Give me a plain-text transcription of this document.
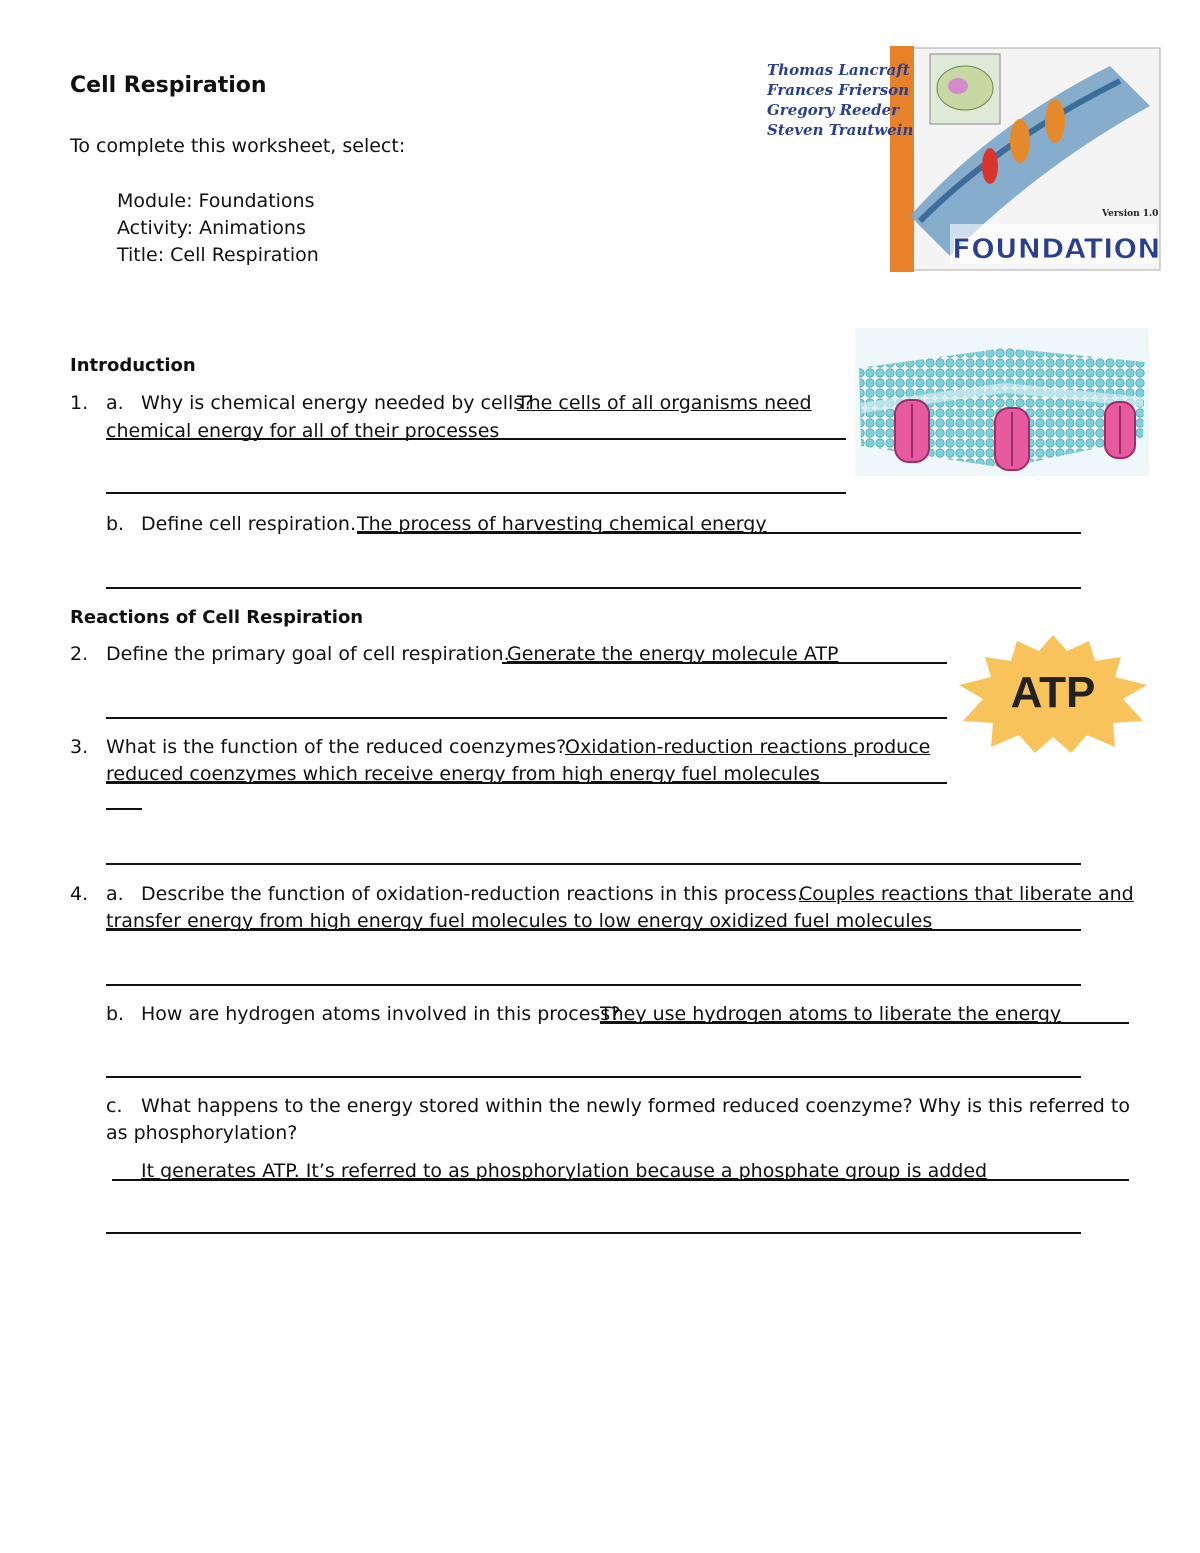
Cell Respiration
To complete this worksheet, select:
Module: Foundations
Activity: Animations
Title: Cell Respiration
Version 1.0
FOUNDATIONS
Thomas Lancraft
Frances Frierson
Gregory Reeder
Steven Trautwein
ATP
Introduction
1. a. Why is chemical energy needed by cells?
The cells of all organisms need
chemical energy for all of their processes
b. Define cell respiration. The process of harvesting chemical energy
Reactions of Cell Respiration
2. Define the primary goal of cell respiration.
Generate the energy molecule ATP
3. What is the function of the reduced coenzymes?
Oxidation-reduction reactions produce
reduced coenzymes which receive energy from high energy fuel molecules
4. a. Describe the function of oxidation-reduction reactions in this process.
Couples reactions that liberate and
transfer energy from high energy fuel molecules to low energy oxidized fuel molecules
b. How are hydrogen atoms involved in this process?
They use hydrogen atoms to liberate the energy
c. What happens to the energy stored within the newly formed reduced coenzyme? Why is this referred to
as phosphorylation?
It generates ATP. It’s referred to as phosphorylation because a phosphate group is added
